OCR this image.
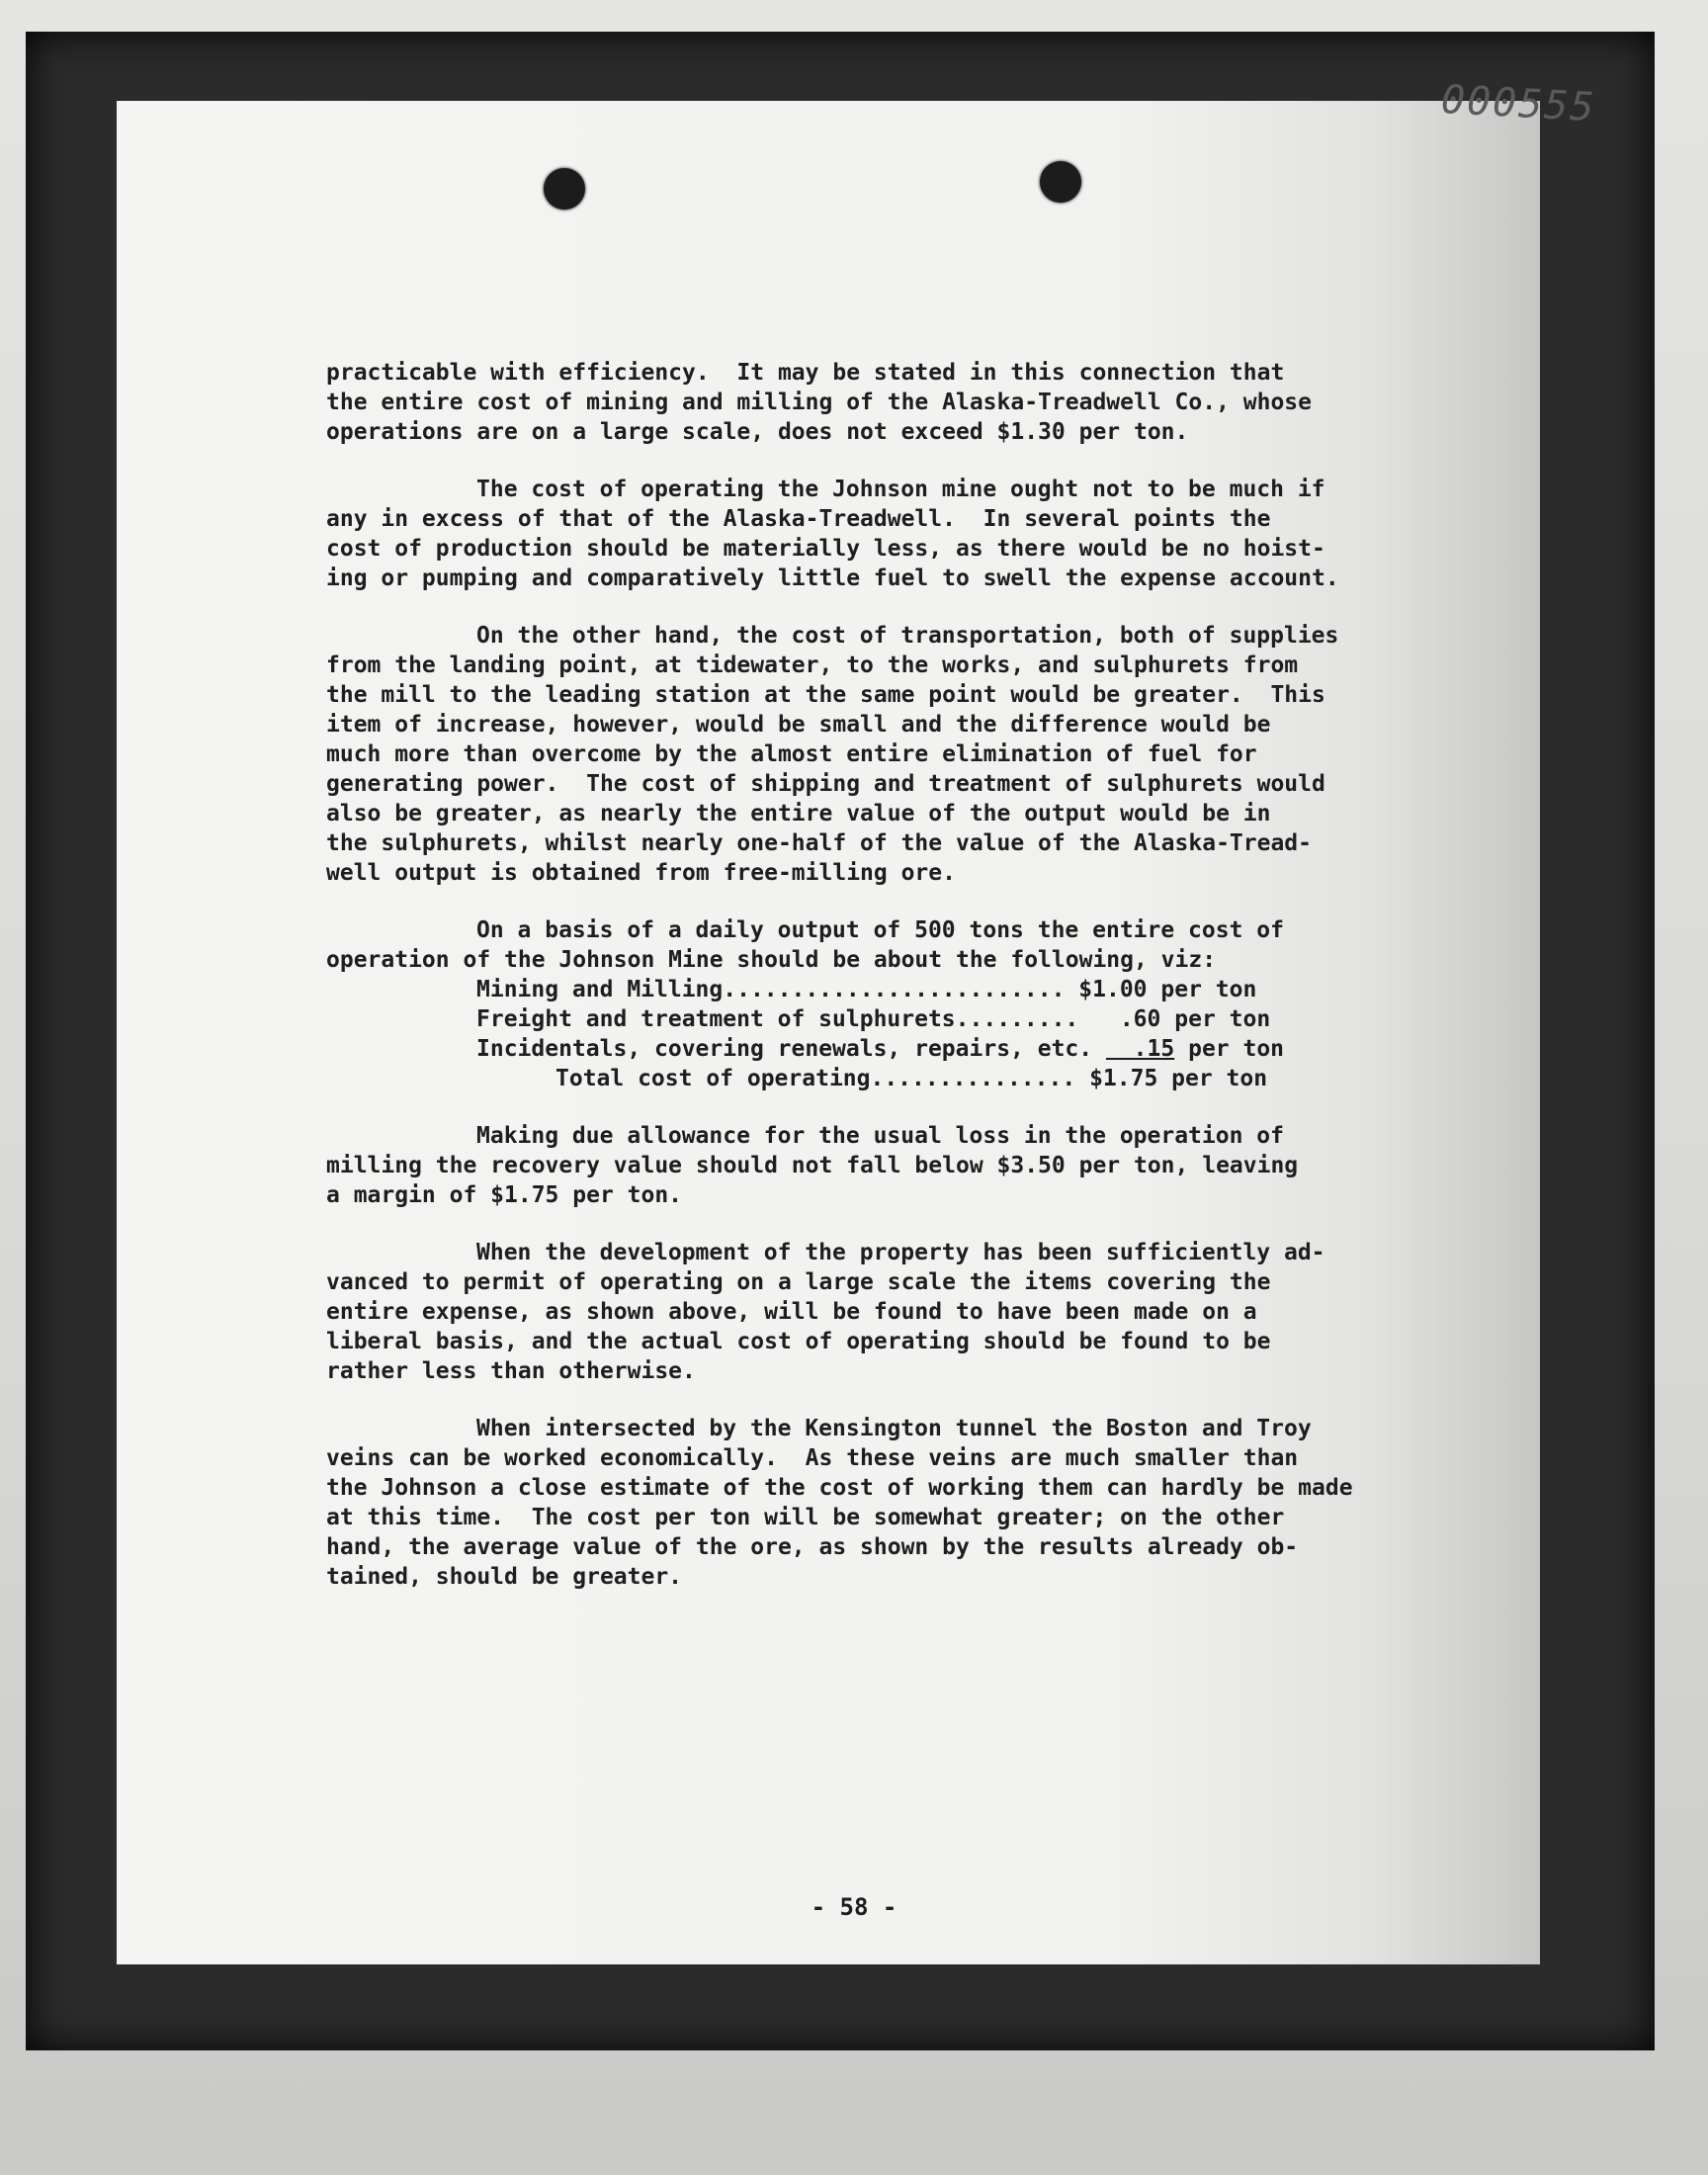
000555
practicable with efficiency.  It may be stated in this connection that
the entire cost of mining and milling of the Alaska-Treadwell Co., whose
operations are on a large scale, does not exceed $1.30 per ton.
The cost of operating the Johnson mine ought not to be much if
any in excess of that of the Alaska-Treadwell.  In several points the
cost of production should be materially less, as there would be no hoist-
ing or pumping and comparatively little fuel to swell the expense account.
On the other hand, the cost of transportation, both of supplies
from the landing point, at tidewater, to the works, and sulphurets from
the mill to the leading station at the same point would be greater.  This
item of increase, however, would be small and the difference would be
much more than overcome by the almost entire elimination of fuel for
generating power.  The cost of shipping and treatment of sulphurets would
also be greater, as nearly the entire value of the output would be in
the sulphurets, whilst nearly one-half of the value of the Alaska-Tread-
well output is obtained from free-milling ore.
On a basis of a daily output of 500 tons the entire cost of
operation of the Johnson Mine should be about the following, viz:
Mining and Milling......................... $1.00 per ton
Freight and treatment of sulphurets.........   .60 per ton
Incidentals, covering renewals, repairs, etc.   .15 per ton
Total cost of operating............... $1.75 per ton
Making due allowance for the usual loss in the operation of
milling the recovery value should not fall below $3.50 per ton, leaving
a margin of $1.75 per ton.
When the development of the property has been sufficiently ad-
vanced to permit of operating on a large scale the items covering the
entire expense, as shown above, will be found to have been made on a
liberal basis, and the actual cost of operating should be found to be
rather less than otherwise.
When intersected by the Kensington tunnel the Boston and Troy
veins can be worked economically.  As these veins are much smaller than
the Johnson a close estimate of the cost of working them can hardly be made
at this time.  The cost per ton will be somewhat greater; on the other
hand, the average value of the ore, as shown by the results already ob-
tained, should be greater.
- 58 -
